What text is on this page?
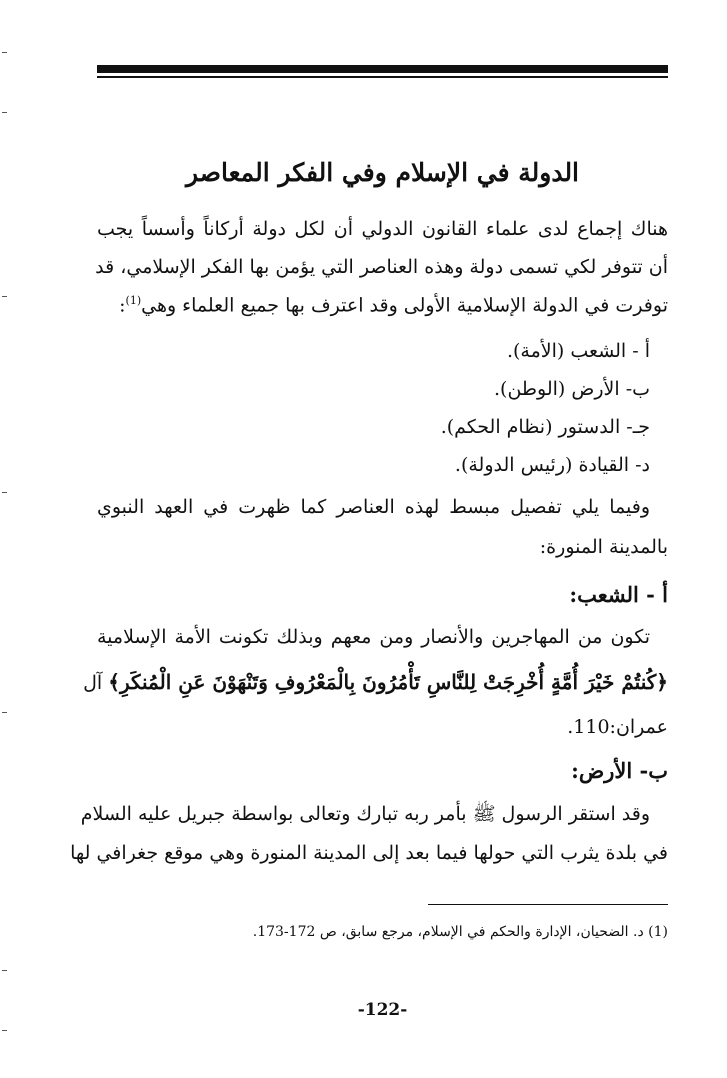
الدولة في الإسلام وفي الفكر المعاصر

هناك إجماع لدى علماء القانون الدولي أن لكل دولة أركاناً وأسساً يجب

أن تتوفر لكي تسمى دولة وهذه العناصر التي يؤمن بها الفكر الإسلامي، قد

توفرت في الدولة الإسلامية الأولى وقد اعترف بها جميع العلماء وهي$^{(1)}$:

أ - الشعب (الأمة).

ب- الأرض (الوطن).

جـ- الدستور (نظام الحكم).

د- القيادة (رئيس الدولة).

وفيما يلي تفصيل مبسط لهذه العناصر كما ظهرت في العهد النبوي

بالمدينة المنورة:

أ - الشعب:

تكون من المهاجرين والأنصار ومن معهم وبذلك تكونت الأمة الإسلامية

﴿كُنتُمْ خَيْرَ أُمَّةٍ أُخْرِجَتْ لِلنَّاسِ تَأْمُرُونَ بِالْمَعْرُوفِ وَتَنْهَوْنَ عَنِ الْمُنكَرِ﴾ آل

عمران:110.

ب- الأرض:

وقد استقر الرسول ﷺ بأمر ربه تبارك وتعالى بواسطة جبريل عليه السلام

في بلدة يثرب التي حولها فيما بعد إلى المدينة المنورة وهي موقع جغرافي لها

(1) د. الضحيان، الإدارة والحكم في الإسلام، مرجع سابق، ص 172-173.

-122-
